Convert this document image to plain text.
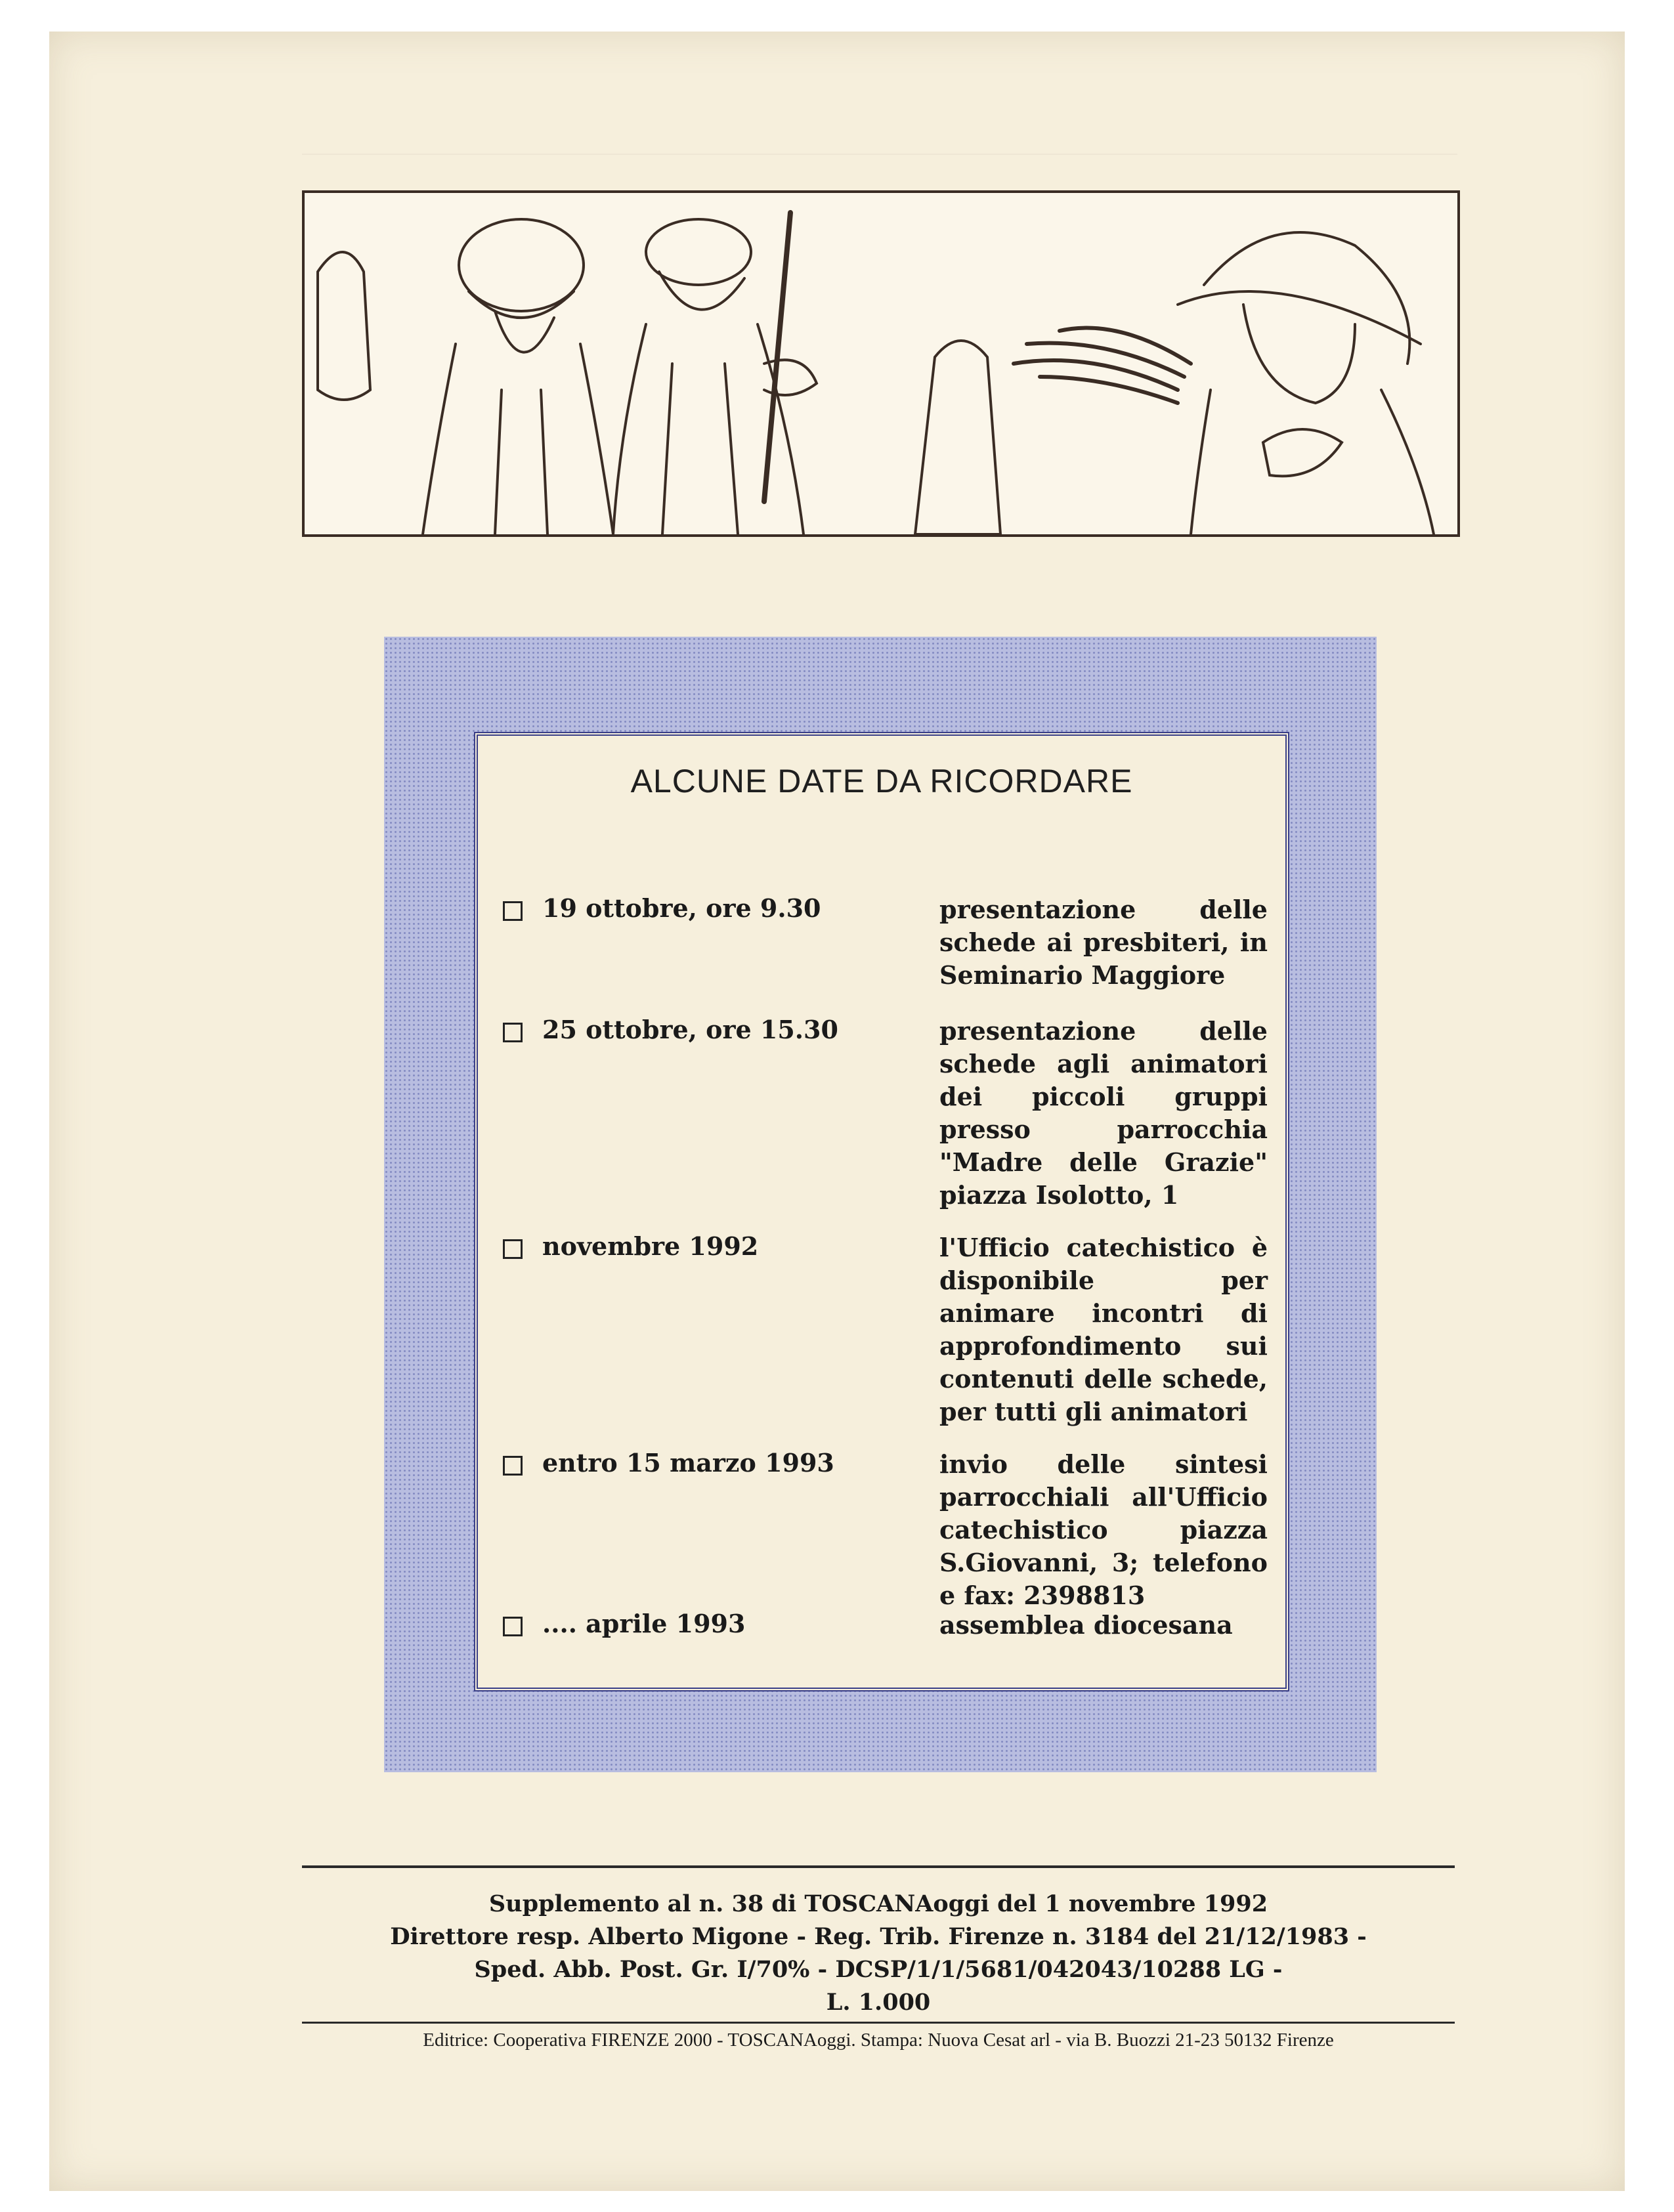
ALCUNE DATE DA RICORDARE
19 ottobre, ore 9.30	presentazione delle schede ai presbiteri, in Seminario Maggiore
25 ottobre, ore 15.30	presentazione delle schede agli animatori dei piccoli gruppi presso parrocchia "Madre delle Grazie" piazza Isolotto, 1
novembre 1992	l'Ufficio catechistico è disponibile per animare incontri di approfondimento sui contenuti delle schede, per tutti gli animatori
entro 15 marzo 1993	invio delle sintesi parrocchiali all'Ufficio catechistico piazza S.Giovanni, 3; telefono e fax: 2398813
.... aprile 1993	assemblea diocesana
Supplemento al n. 38 di TOSCANAoggi del 1 novembre 1992
Direttore resp. Alberto Migone - Reg. Trib. Firenze n. 3184 del 21/12/1983 -
Sped. Abb. Post. Gr. I/70% - DCSP/1/1/5681/042043/10288 LG -
L. 1.000
Editrice: Cooperativa FIRENZE 2000 - TOSCANAoggi. Stampa: Nuova Cesat arl - via B. Buozzi 21-23 50132 Firenze
